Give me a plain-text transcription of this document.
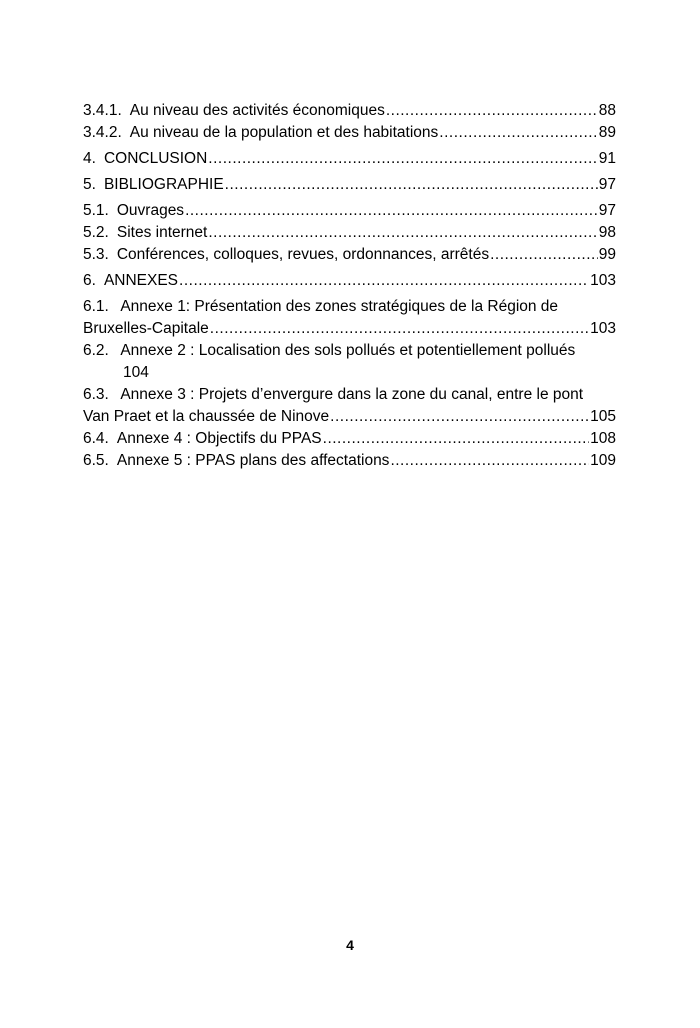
3.4.1. Au niveau des activités économiques .....	88
3.4.2. Au niveau de la population et des habitations .....	89
4. CONCLUSION .....	91
5. BIBLIOGRAPHIE .....	97
5.1. Ouvrages .....	97
5.2. Sites internet .....	98
5.3. Conférences, colloques, revues, ordonnances, arrêtés .....	99
6. ANNEXES .....	103
6.1. Annexe 1: Présentation des zones stratégiques de la Région de
Bruxelles-Capitale .....	103
6.2. Annexe 2 : Localisation des sols pollués et potentiellement pollués
104
6.3. Annexe 3 : Projets d’envergure dans la zone du canal, entre le pont
Van Praet et la chaussée de Ninove .....	105
6.4. Annexe 4 : Objectifs du PPAS .....	108
6.5. Annexe 5 : PPAS plans des affectations .....	109
4
